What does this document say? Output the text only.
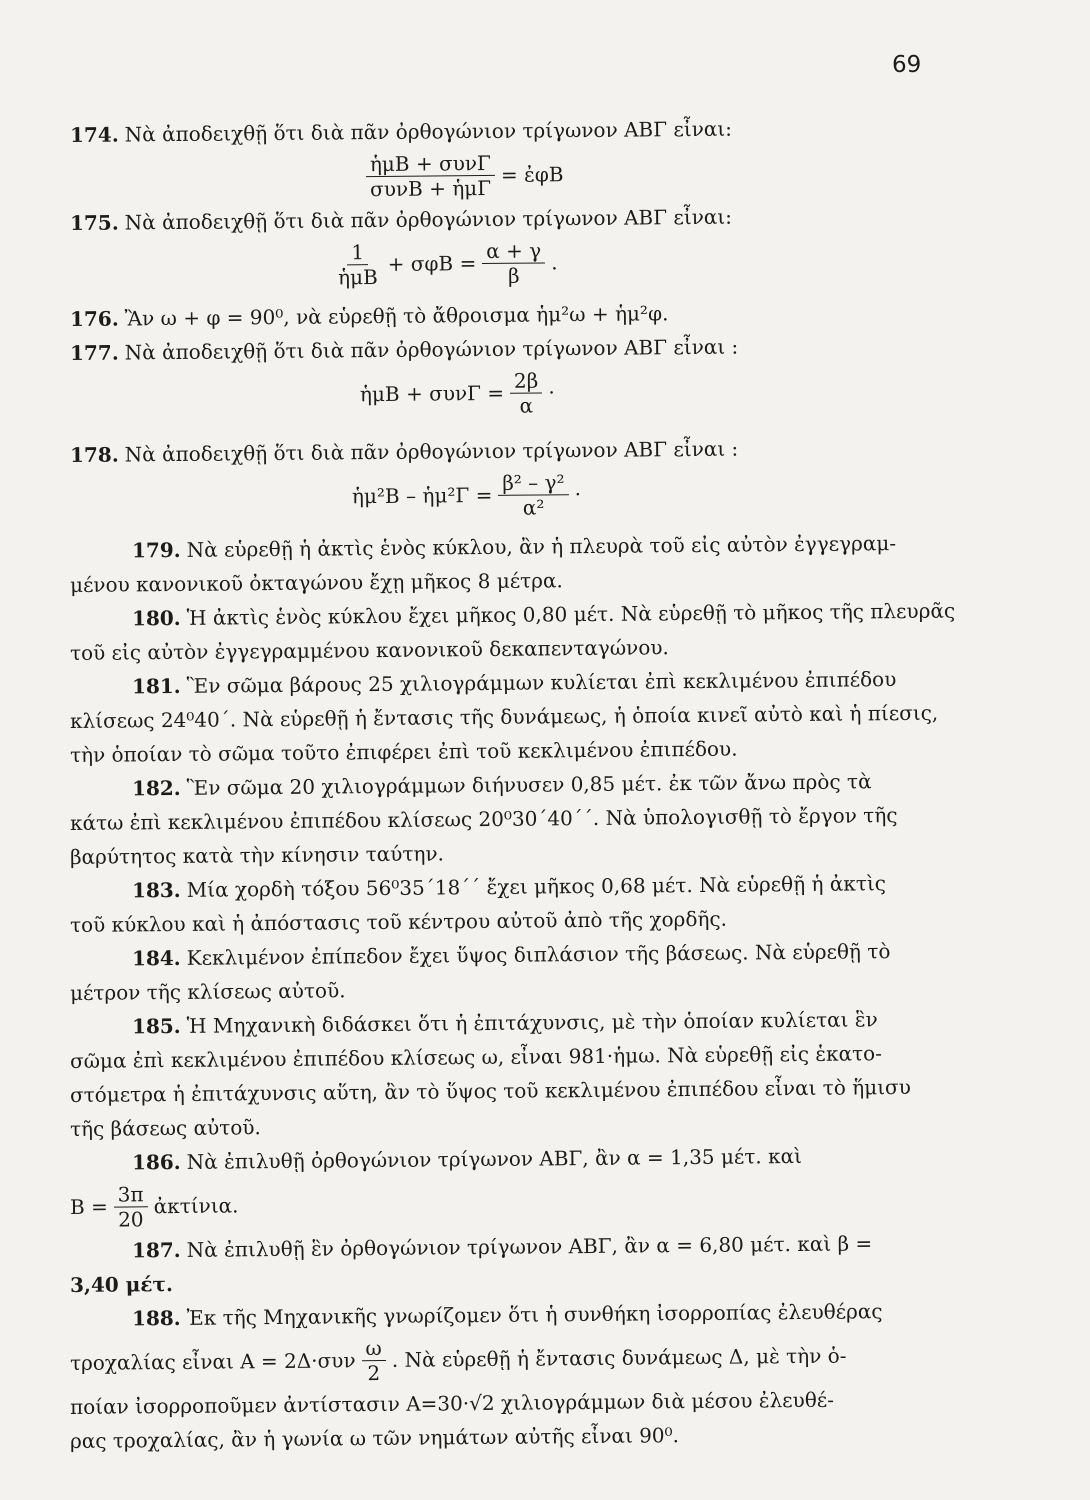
69
174. Νὰ ἀποδειχθῇ ὅτι διὰ πᾶν ὀρθογώνιον τρίγωνον ΑΒΓ εἶναι:
$\frac{\text{ἡμΒ + συνΓ}}{\text{συνΒ + ἡμΓ}}$ = ἐφΒ
175. Νὰ ἀποδειχθῇ ὅτι διὰ πᾶν ὀρθογώνιον τρίγωνον ΑΒΓ εἶναι:
$\frac{1}{\text{ἡμΒ}} + \sigma\varphi B = \frac{\alpha + \gamma}{\beta}$ .
176. Ἂν ω + φ = 90⁰, νὰ εὑρεθῇ τὸ ἄθροισμα ἡμ²ω + ἡμ²φ.
177. Νὰ ἀποδειχθῇ ὅτι διὰ πᾶν ὀρθογώνιον τρίγωνον ΑΒΓ εἶναι :
ἡμΒ + $\sigma\upsilon\nu\Gamma = \frac{2\beta}{\alpha}$ ·
178. Νὰ ἀποδειχθῇ ὅτι διὰ πᾶν ὀρθογώνιον τρίγωνον ΑΒΓ εἶναι :
ἡμ²Β – ἡμ²Γ = $\frac{\text{β² – γ²}}{\text{α²}}$ ·
179. Νὰ εὑρεθῇ ἡ ἀκτὶς ἑνὸς κύκλου, ἂν ἡ πλευρὰ τοῦ εἰς αὐτὸν ἐγγεγραμ-
μένου κανονικοῦ ὀκταγώνου ἔχῃ μῆκος 8 μέτρα.
180. Ἡ ἀκτὶς ἑνὸς κύκλου ἔχει μῆκος 0,80 μέτ. Νὰ εὑρεθῇ τὸ μῆκος τῆς πλευρᾶς
τοῦ εἰς αὐτὸν ἐγγεγραμμένου κανονικοῦ δεκαπενταγώνου.
181. Ἓν σῶμα βάρους 25 χιλιογράμμων κυλίεται ἐπὶ κεκλιμένου ἐπιπέδου
κλίσεως 24⁰40΄. Νὰ εὑρεθῇ ἡ ἔντασις τῆς δυνάμεως, ἡ ὁποία κινεῖ αὐτὸ καὶ ἡ πίεσις,
τὴν ὁποίαν τὸ σῶμα τοῦτο ἐπιφέρει ἐπὶ τοῦ κεκλιμένου ἐπιπέδου.
182. Ἓν σῶμα 20 χιλιογράμμων διήνυσεν 0,85 μέτ. ἐκ τῶν ἄνω πρὸς τὰ
κάτω ἐπὶ κεκλιμένου ἐπιπέδου κλίσεως 20⁰30΄40΄΄. Νὰ ὑπολογισθῇ τὸ ἔργον τῆς
βαρύτητος κατὰ τὴν κίνησιν ταύτην.
183. Μία χορδὴ τόξου 56⁰35΄18΄΄ ἔχει μῆκος 0,68 μέτ. Νὰ εὑρεθῇ ἡ ἀκτὶς
τοῦ κύκλου καὶ ἡ ἀπόστασις τοῦ κέντρου αὐτοῦ ἀπὸ τῆς χορδῆς.
184. Κεκλιμένον ἐπίπεδον ἔχει ὕψος διπλάσιον τῆς βάσεως. Νὰ εὑρεθῇ τὸ
μέτρον τῆς κλίσεως αὐτοῦ.
185. Ἡ Μηχανικὴ διδάσκει ὅτι ἡ ἐπιτάχυνσις, μὲ τὴν ὁποίαν κυλίεται ἓν
σῶμα ἐπὶ κεκλιμένου ἐπιπέδου κλίσεως ω, εἶναι 981·ἡμω. Νὰ εὑρεθῇ εἰς ἑκατο-
στόμετρα ἡ ἐπιτάχυνσις αὕτη, ἂν τὸ ὕψος τοῦ κεκλιμένου ἐπιπέδου εἶναι τὸ ἥμισυ
τῆς βάσεως αὐτοῦ.
186. Νὰ ἐπιλυθῇ ὀρθογώνιον τρίγωνον ΑΒΓ, ἂν α = 1,35 μέτ. καὶ
$B = \frac{3\pi}{20}$ ἀκτίνια.
187. Νὰ ἐπιλυθῇ ἓν ὀρθογώνιον τρίγωνον ΑΒΓ, ἂν α = 6,80 μέτ. καὶ β =
3,40 μέτ.
188. Ἐκ τῆς Μηχανικῆς γνωρίζομεν ὅτι ἡ συνθήκη ἰσορροπίας ἐλευθέρας
τροχαλίας εἶναι $A = 2\Delta\cdot\sigma\upsilon\nu \frac{\omega}{2}$ . Νὰ εὑρεθῇ ἡ ἔντασις δυνάμεως Δ, μὲ τὴν ὁ-
ποίαν ἰσορροποῦμεν ἀντίστασιν Α=30·√2 χιλιογράμμων διὰ μέσου ἐλευθέ-
ρας τροχαλίας, ἂν ἡ γωνία ω τῶν νημάτων αὐτῆς εἶναι 90⁰.
